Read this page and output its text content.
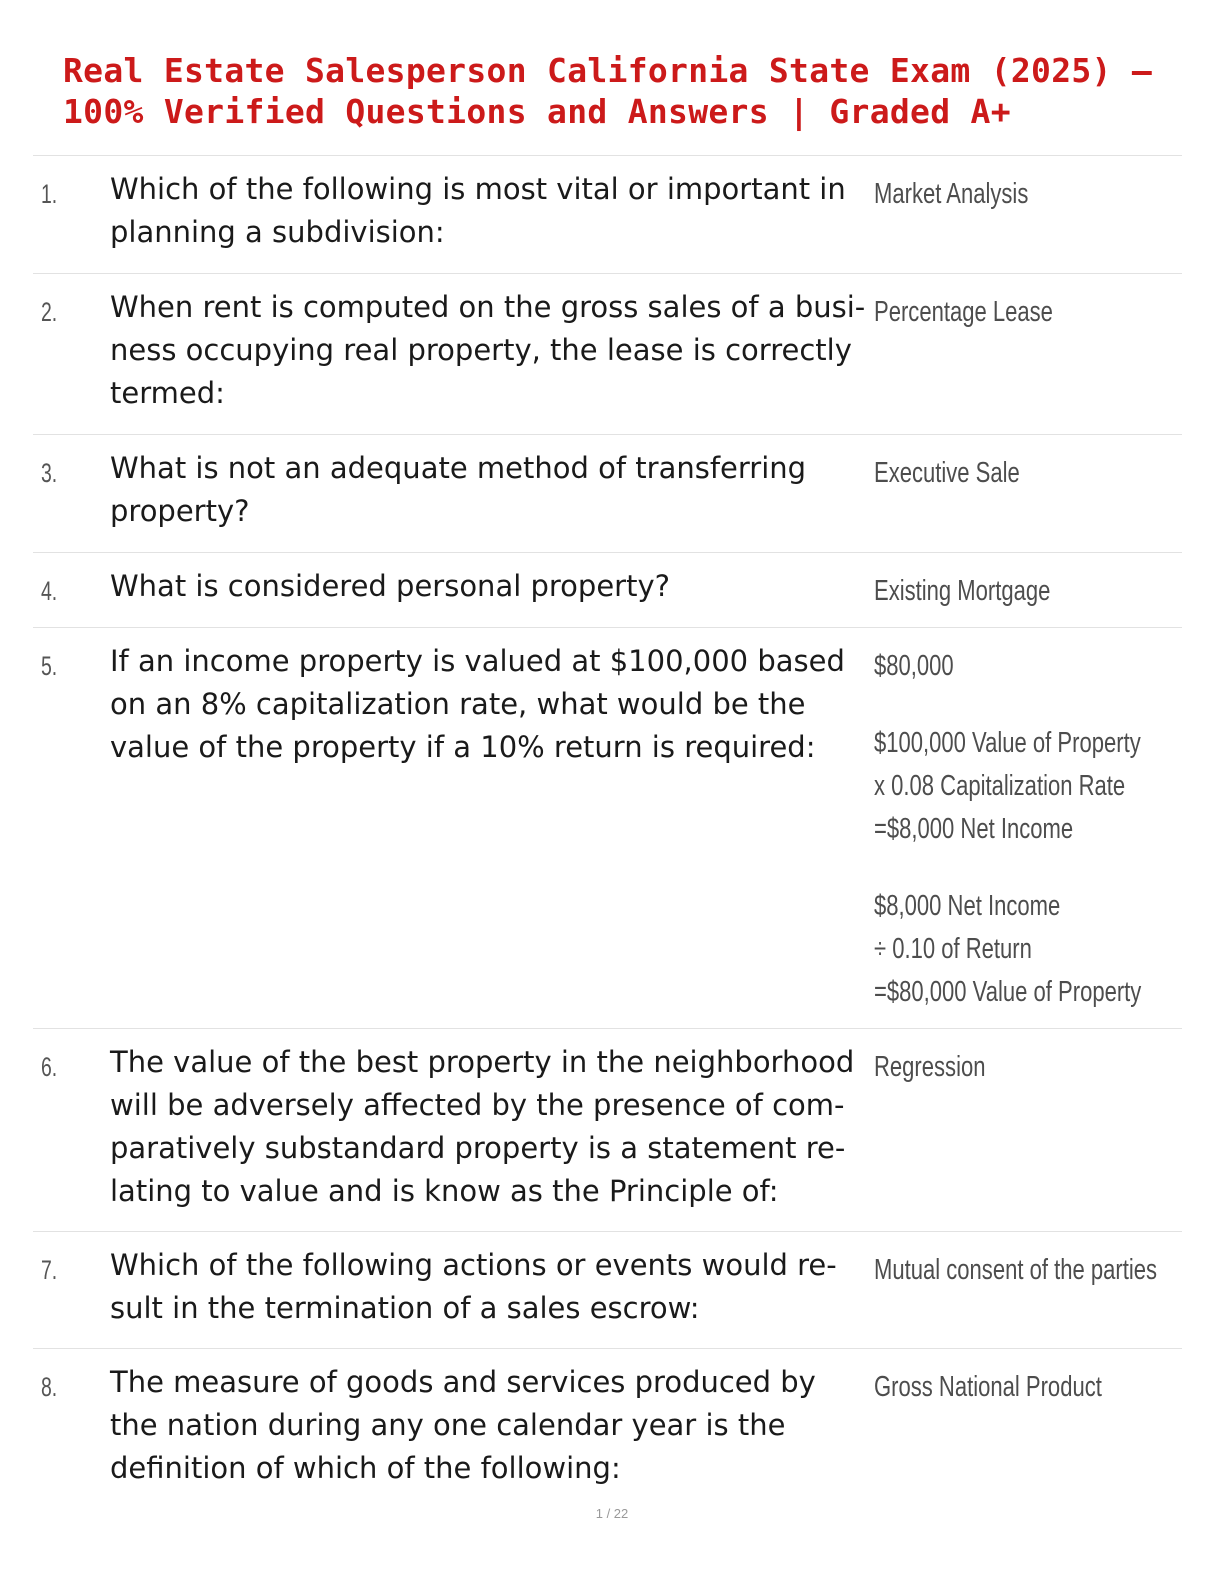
Real Estate Salesperson California State Exam (2025) –
100% Verified Questions and Answers | Graded A+
1. Which of the following is most vital or important in planning a subdivision:

Market Analysis
2. When rent is computed on the gross sales of a busi-ness occupying real property, the lease is correctly termed:

Percentage Lease
3. What is not an adequate method of transferring property?

Executive Sale
4. What is considered personal property?	Existing Mortgage
5. If an income property is valued at $100,000 based on an 8% capitalization rate, what would be the value of the property if a 10% return is required:

$80,000
$100,000 Value of Property
x 0.08 Capitalization Rate
=$8,000 Net Income
$8,000 Net Income
÷ 0.10 of Return
=$80,000 Value of Property
6. The value of the best property in the neighborhood will be adversely affected by the presence of com-paratively substandard property is a statement re-lating to value and is know as the Principle of:

Regression
7. Which of the following actions or events would re-sult in the termination of a sales escrow:

Mutual consent of the parties
8. The measure of goods and services produced by the nation during any one calendar year is the definition of which of the following:

Gross National Product
1 / 22
